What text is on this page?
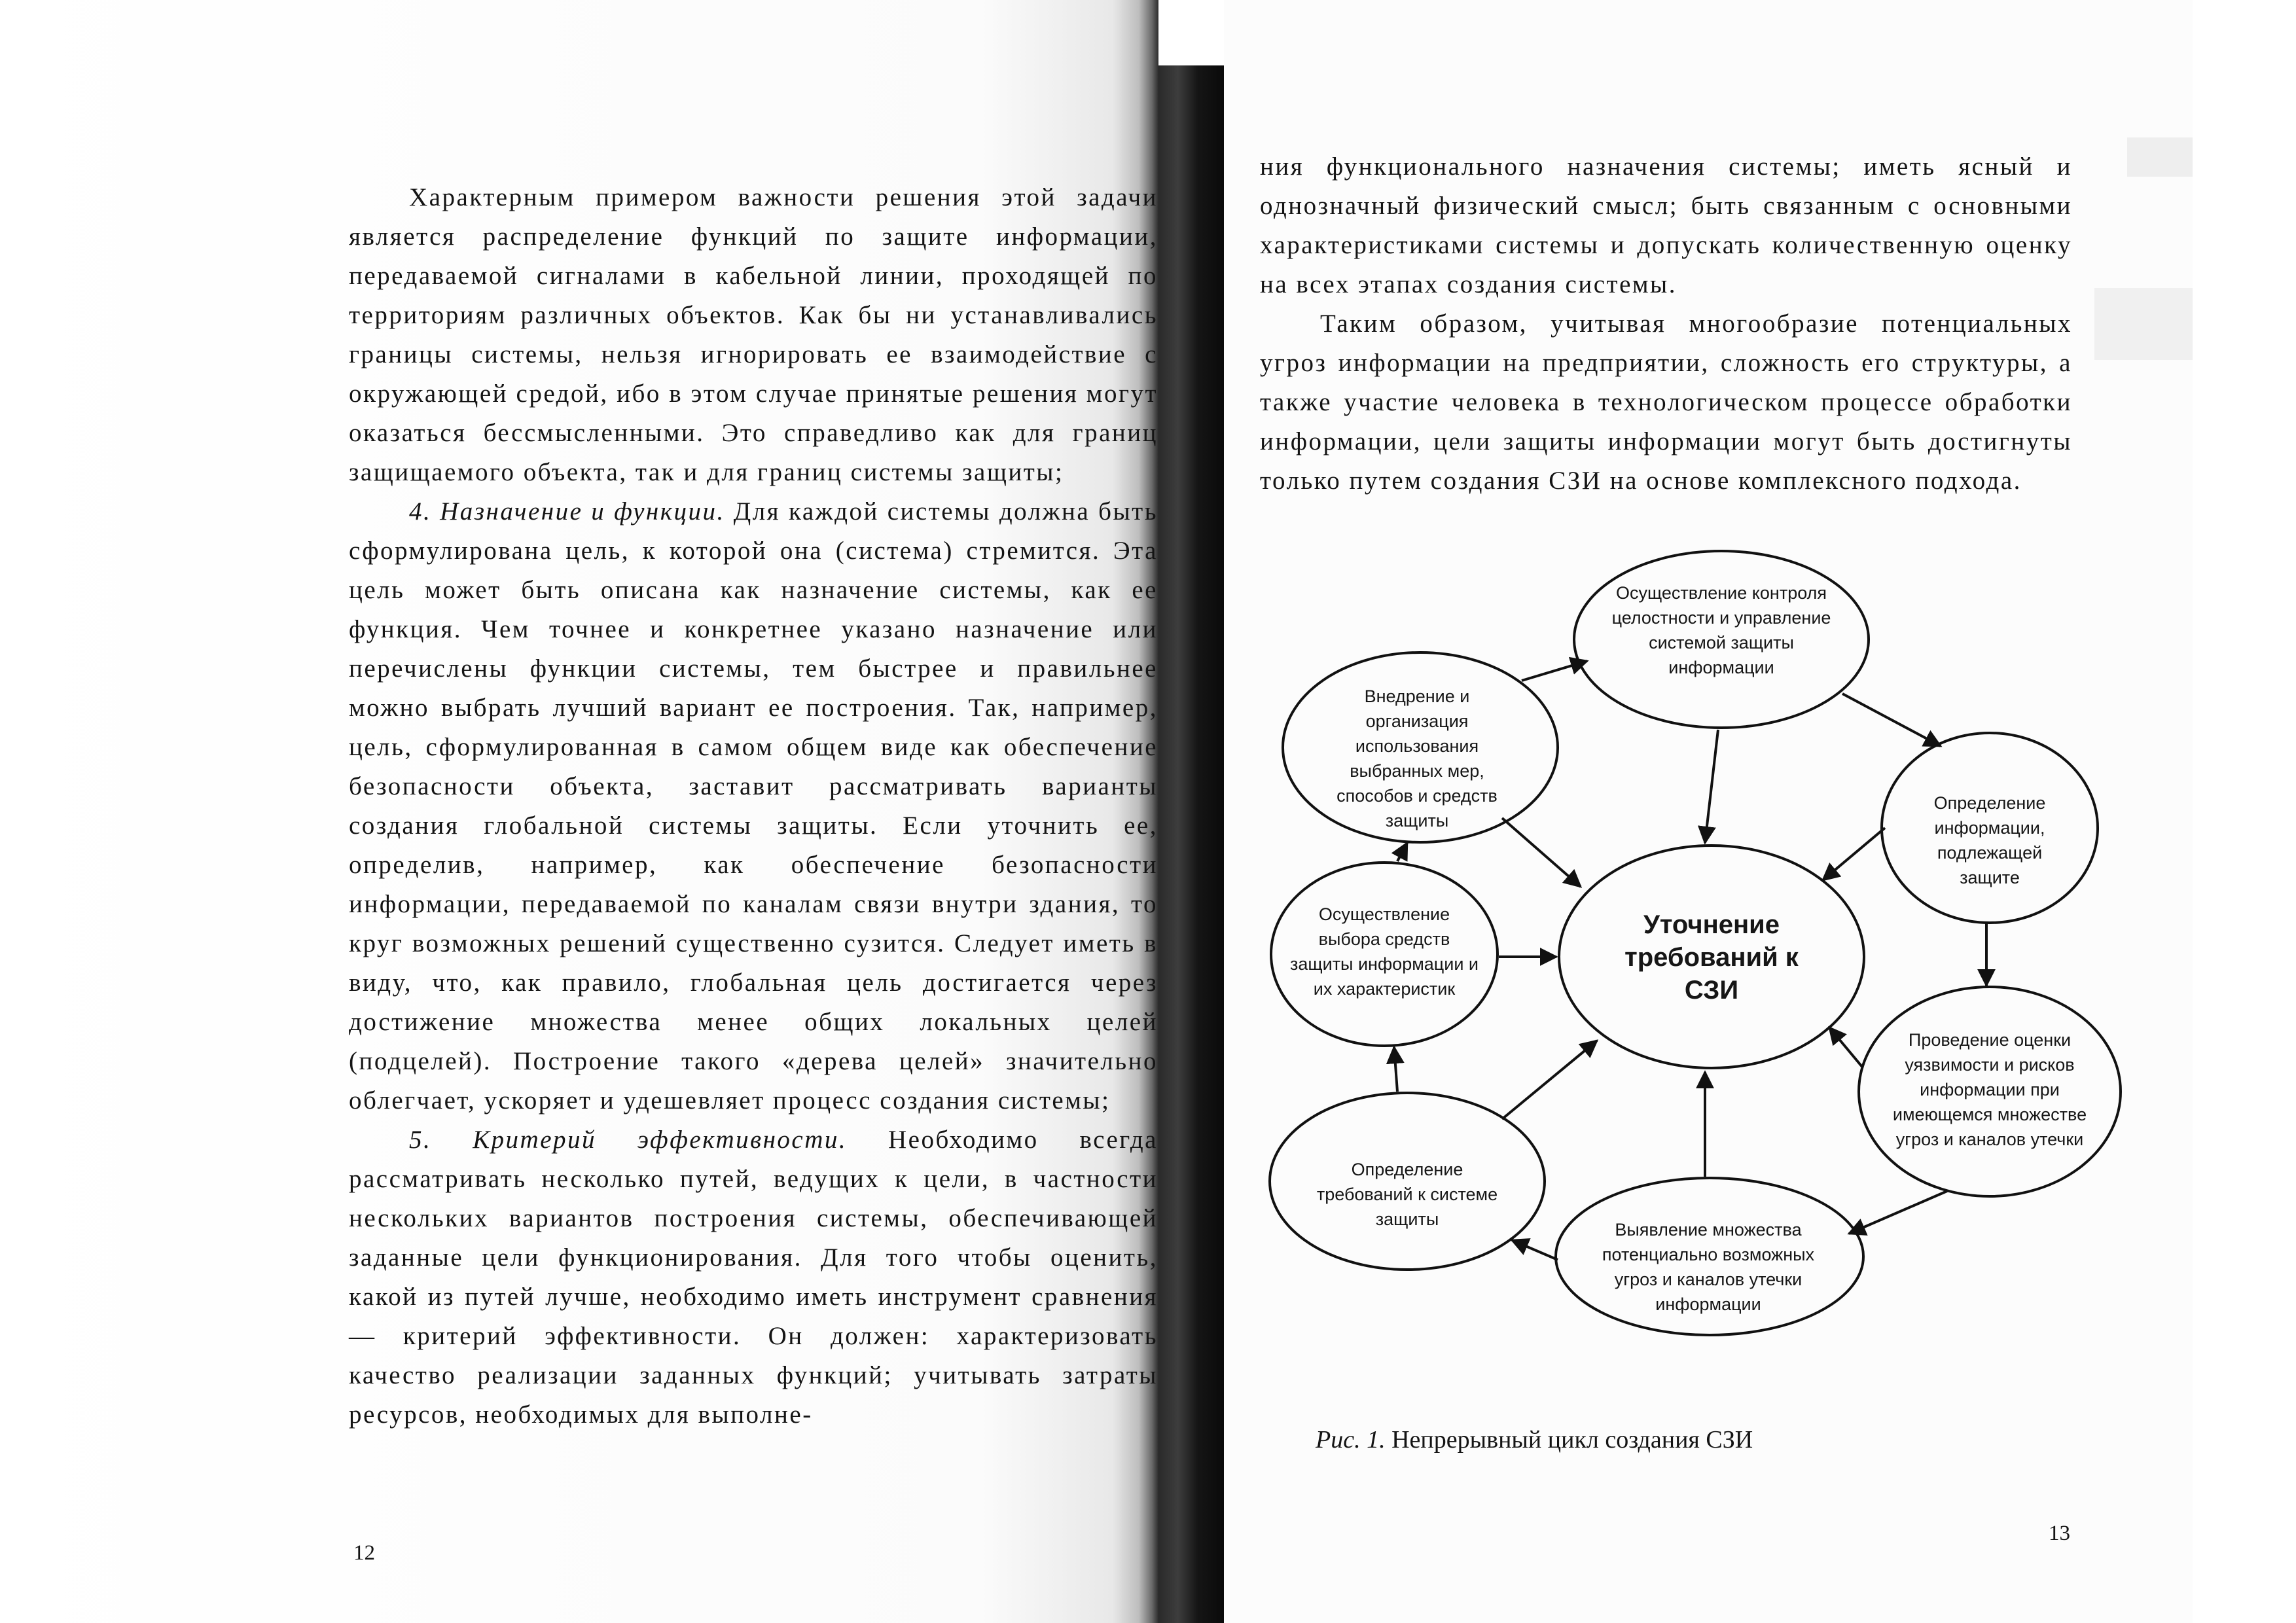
Характерным примером важности решения этой задачи является распределение функций по защите информации, передаваемой сигналами в кабельной линии, проходящей по территориям различных объектов. Как бы ни устанавливались границы системы, нельзя игнорировать ее взаимодействие с окружающей средой, ибо в этом случае принятые решения могут оказаться бессмысленными. Это справедливо как для границ защищаемого объекта, так и для границ системы защиты;

4. Назначение и функции. Для каждой системы должна быть сформулирована цель, к которой она (система) стремится. Эта цель может быть описана как назначение системы, как ее функция. Чем точнее и конкретнее указано назначение или перечислены функции системы, тем быстрее и правильнее можно выбрать лучший вариант ее построения. Так, например, цель, сформулированная в самом общем виде как обеспечение безопасности объекта, заставит рассматривать варианты создания глобальной системы защиты. Если уточнить ее, определив, например, как обеспечение безопасности информации, передаваемой по каналам связи внутри здания, то круг возможных решений существенно сузится. Следует иметь в виду, что, как правило, глобальная цель достигается через достижение множества менее общих локальных целей (подцелей). Построение такого «дерева целей» значительно облегчает, ускоряет и удешевляет процесс создания системы;

5. Критерий эффективности. Необходимо всегда рассматривать несколько путей, ведущих к цели, в частности нескольких вариантов построения системы, обеспечивающей заданные цели функционирования. Для того чтобы оценить, какой из путей лучше, необходимо иметь инструмент сравнения — критерий эффективности. Он должен: характеризовать качество реализации заданных функций; учитывать затраты ресурсов, необходимых для выполне-

12

ния функционального назначения системы; иметь ясный и однозначный физический смысл; быть связанным с основными характеристиками системы и допускать количественную оценку на всех этапах создания системы.

Таким образом, учитывая многообразие потенциальных угроз информации на предприятии, сложность его структуры, а также участие человека в технологическом процессе обработки информации, цели защиты информации могут быть достигнуты только путем создания СЗИ на основе комплексного подхода.

Осуществление контроля целостности и управление системой защиты информации
Внедрение и организация использования выбранных мер, способов и средств защиты
Определение информации, подлежащей защите
Осуществление выбора средств защиты информации и их характеристик
Уточнение требований к СЗИ
Проведение оценки уязвимости и рисков информации при имеющемся множестве угроз и каналов утечки
Определение требований к системе защиты
Выявление множества потенциально возможных угроз и каналов утечки информации
Рис. 1. Непрерывный цикл создания СЗИ
13
